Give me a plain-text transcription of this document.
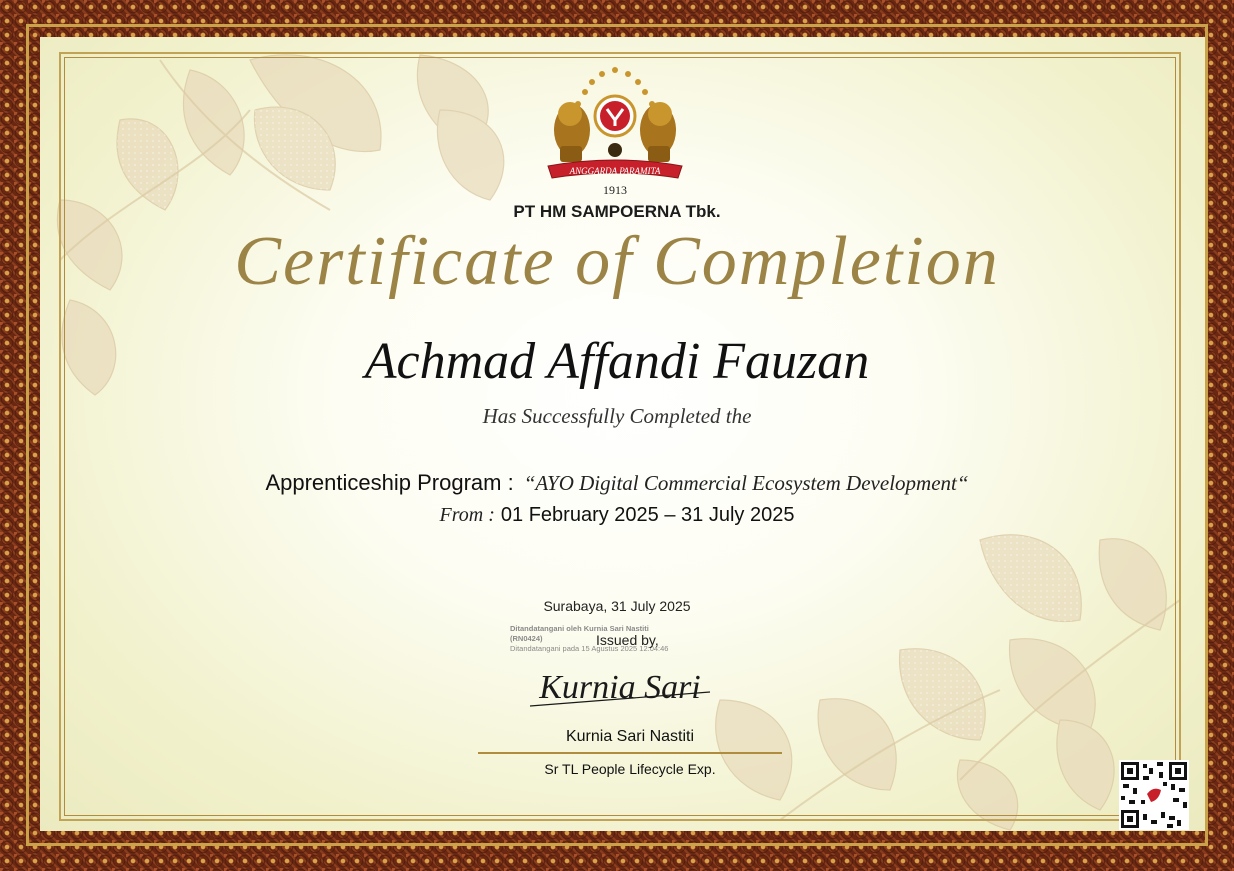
ANGGARDA PARAMITA
1913
PT HM SAMPOERNA Tbk.
Certificate of Completion
Achmad Affandi Fauzan
Has Successfully Completed the
Apprenticeship Program : “AYO Digital Commercial Ecosystem Development“
From : 01 February 2025 – 31 July 2025
Surabaya, 31 July 2025
Ditandatangani oleh Kurnia Sari Nastiti
(RN0424)
Ditandatangani pada 15 Agustus 2025 12:04:46
Issued by,
Kurnia Sari
Kurnia Sari Nastiti
Sr TL People Lifecycle Exp.
